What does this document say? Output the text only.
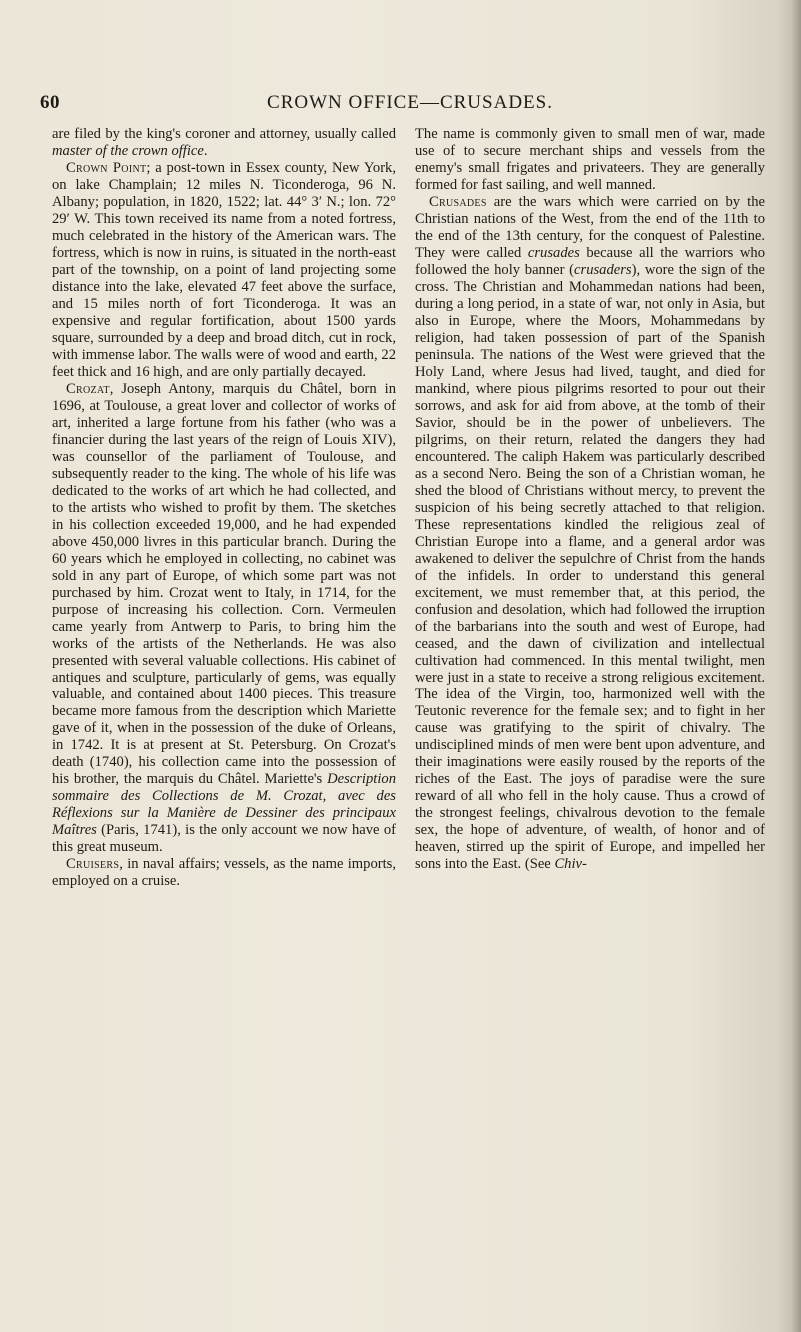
60	CROWN OFFICE—CRUSADES.

are filed by the king's coroner and attorney, usually called master of the crown office.

Crown Point; a post-town in Essex county, New York, on lake Champlain; 12 miles N. Ticonderoga, 96 N. Albany; population, in 1820, 1522; lat. 44° 3′ N.; lon. 72° 29′ W. This town received its name from a noted fortress, much celebrated in the history of the American wars. The fortress, which is now in ruins, is situated in the north-east part of the township, on a point of land projecting some distance into the lake, elevated 47 feet above the surface, and 15 miles north of fort Ticonderoga. It was an expensive and regular fortification, about 1500 yards square, surrounded by a deep and broad ditch, cut in rock, with immense labor. The walls were of wood and earth, 22 feet thick and 16 high, and are only partially decayed.

Crozat, Joseph Antony, marquis du Châtel, born in 1696, at Toulouse, a great lover and collector of works of art, inherited a large fortune from his father (who was a financier during the last years of the reign of Louis XIV), was counsellor of the parliament of Toulouse, and subsequently reader to the king. The whole of his life was dedicated to the works of art which he had collected, and to the artists who wished to profit by them. The sketches in his collection exceeded 19,000, and he had expended above 450,000 livres in this particular branch. During the 60 years which he employed in collecting, no cabinet was sold in any part of Europe, of which some part was not purchased by him. Crozat went to Italy, in 1714, for the purpose of increasing his collection. Corn. Vermeulen came yearly from Antwerp to Paris, to bring him the works of the artists of the Netherlands. He was also presented with several valuable collections. His cabinet of antiques and sculpture, particularly of gems, was equally valuable, and contained about 1400 pieces. This treasure became more famous from the description which Mariette gave of it, when in the possession of the duke of Orleans, in 1742. It is at present at St. Petersburg. On Crozat's death (1740), his collection came into the possession of his brother, the marquis du Châtel. Mariette's Description sommaire des Collections de M. Crozat, avec des Réflexions sur la Manière de Dessiner des principaux Maîtres (Paris, 1741), is the only account we now have of this great museum.

Cruisers, in naval affairs; vessels, as the name imports, employed on a cruise.

The name is commonly given to small men of war, made use of to secure merchant ships and vessels from the enemy's small frigates and privateers. They are generally formed for fast sailing, and well manned.

Crusades are the wars which were carried on by the Christian nations of the West, from the end of the 11th to the end of the 13th century, for the conquest of Palestine. They were called crusades because all the warriors who followed the holy banner (crusaders), wore the sign of the cross. The Christian and Mohammedan nations had been, during a long period, in a state of war, not only in Asia, but also in Europe, where the Moors, Mohammedans by religion, had taken possession of part of the Spanish peninsula. The nations of the West were grieved that the Holy Land, where Jesus had lived, taught, and died for mankind, where pious pilgrims resorted to pour out their sorrows, and ask for aid from above, at the tomb of their Savior, should be in the power of unbelievers. The pilgrims, on their return, related the dangers they had encountered. The caliph Hakem was particularly described as a second Nero. Being the son of a Christian woman, he shed the blood of Christians without mercy, to prevent the suspicion of his being secretly attached to that religion. These representations kindled the religious zeal of Christian Europe into a flame, and a general ardor was awakened to deliver the sepulchre of Christ from the hands of the infidels. In order to understand this general excitement, we must remember that, at this period, the confusion and desolation, which had followed the irruption of the barbarians into the south and west of Europe, had ceased, and the dawn of civilization and intellectual cultivation had commenced. In this mental twilight, men were just in a state to receive a strong religious excitement. The idea of the Virgin, too, harmonized well with the Teutonic reverence for the female sex; and to fight in her cause was gratifying to the spirit of chivalry. The undisciplined minds of men were bent upon adventure, and their imaginations were easily roused by the reports of the riches of the East. The joys of paradise were the sure reward of all who fell in the holy cause. Thus a crowd of the strongest feelings, chivalrous devotion to the female sex, the hope of adventure, of wealth, of honor and of heaven, stirred up the spirit of Europe, and impelled her sons into the East. (See Chiv-
